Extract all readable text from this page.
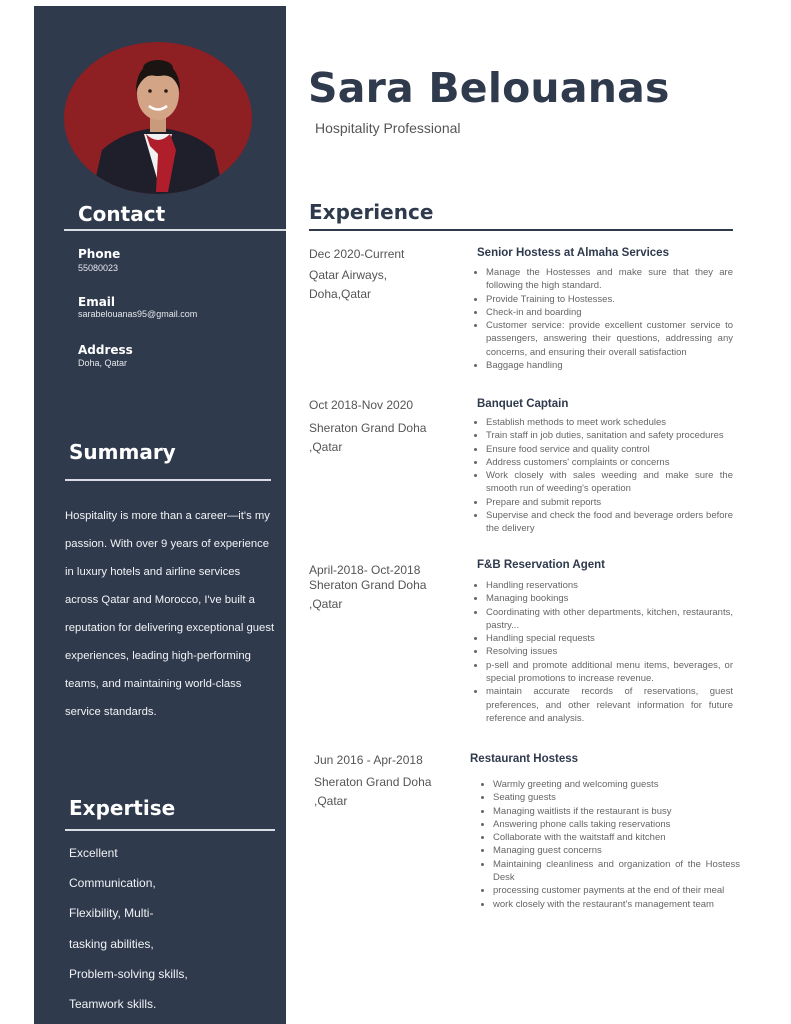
Contact
Phone
55080023
Email
sarabelouanas95@gmail.com
Address
Doha, Qatar
Summary
Hospitality is more than a career—it's my passion. With over 9 years of experience in luxury hotels and airline services across Qatar and Morocco, I've built a reputation for delivering exceptional guest experiences, leading high-performing teams, and maintaining world-class service standards.
Expertise
Excellent
Communication,
Flexibility, Multi-
tasking abilities,
Problem-solving skills,
Teamwork skills.
Sara Belouanas
Hospitality Professional
Experience
Dec 2020-Current
Qatar Airways, Doha,Qatar
Senior Hostess at Almaha Services
• Manage the Hostesses and make sure that they are following the high standard.
• Provide Training to Hostesses.
• Check-in and boarding
• Customer service: provide excellent customer service to passengers, answering their questions, addressing any concerns, and ensuring their overall satisfaction
• Baggage handling
Oct 2018-Nov 2020
Sheraton Grand Doha ,Qatar
Banquet Captain
• Establish methods to meet work schedules
• Train staff in job duties, sanitation and safety procedures
• Ensure food service and quality control
• Address customers' complaints or concerns
• Work closely with sales weeding and make sure the smooth run of weeding's operation
• Prepare and submit reports
• Supervise and check the food and beverage orders before the delivery
April-2018- Oct-2018
Sheraton Grand Doha ,Qatar
F&B Reservation Agent
• Handling reservations
• Managing bookings
• Coordinating with other departments, kitchen, restaurants, pastry...
• Handling special requests
• Resolving issues
• p-sell and promote additional menu items, beverages, or special promotions to increase revenue.
• maintain accurate records of reservations, guest preferences, and other relevant information for future reference and analysis.
Jun 2016 - Apr-2018
Sheraton Grand Doha ,Qatar
Restaurant Hostess
• Warmly greeting and welcoming guests
• Seating guests
• Managing waitlists if the restaurant is busy
• Answering phone calls taking reservations
• Collaborate with the waitstaff and kitchen
• Managing guest concerns
• Maintaining cleanliness and organization of the Hostess Desk
• processing customer payments at the end of their meal
• work closely with the restaurant's management team
